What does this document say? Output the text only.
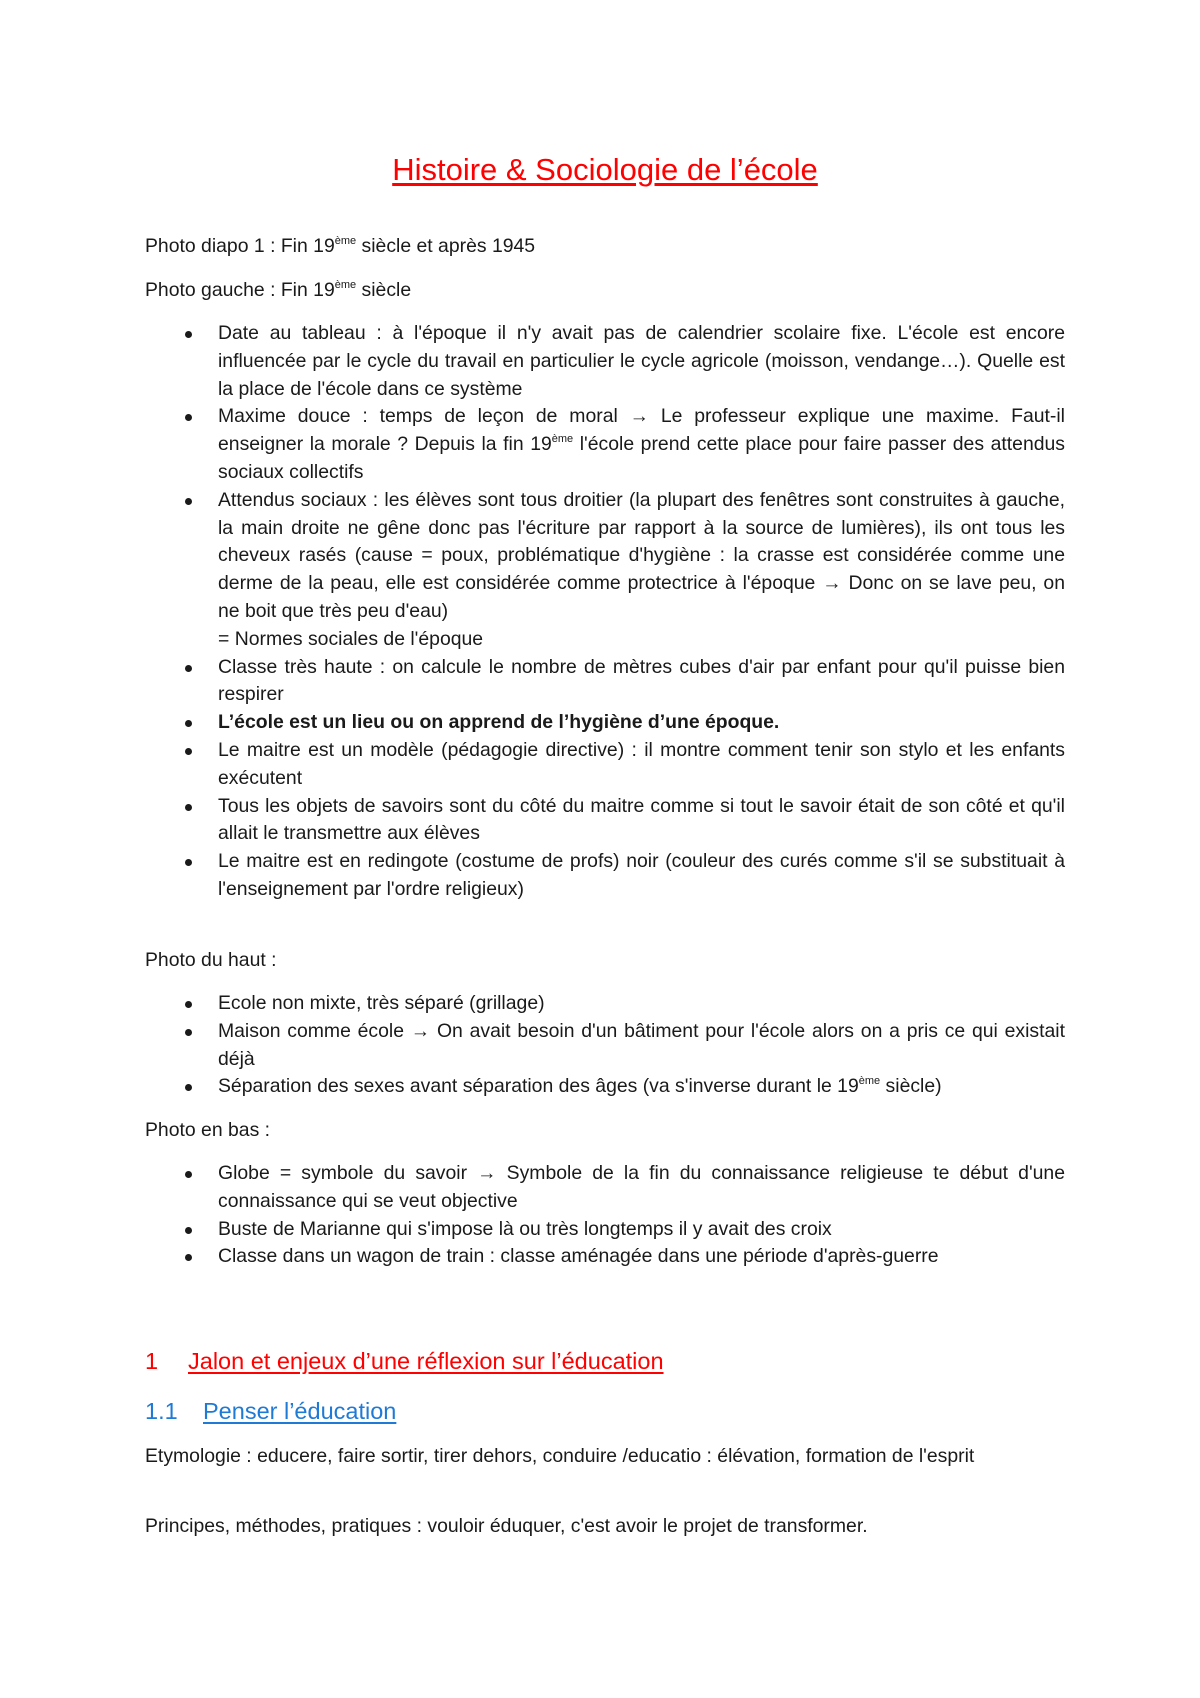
Histoire & Sociologie de l’école
Photo diapo 1 : Fin 19ème siècle et après 1945
Photo gauche : Fin 19ème siècle
Date au tableau : à l'époque il n'y avait pas de calendrier scolaire fixe. L'école est encore influencée par le cycle du travail en particulier le cycle agricole (moisson, vendange…). Quelle est la place de l'école dans ce système
Maxime douce : temps de leçon de moral → Le professeur explique une maxime. Faut-il enseigner la morale ? Depuis la fin 19ème l'école prend cette place pour faire passer des attendus sociaux collectifs
Attendus sociaux : les élèves sont tous droitier (la plupart des fenêtres sont construites à gauche, la main droite ne gêne donc pas l'écriture par rapport à la source de lumières), ils ont tous les cheveux rasés (cause = poux, problématique d'hygiène : la crasse est considérée comme une derme de la peau, elle est considérée comme protectrice à l'époque → Donc on se lave peu, on ne boit que très peu d'eau)
= Normes sociales de l'époque
Classe très haute : on calcule le nombre de mètres cubes d'air par enfant pour qu'il puisse bien respirer
L’école est un lieu ou on apprend de l’hygiène d’une époque.
Le maitre est un modèle (pédagogie directive) : il montre comment tenir son stylo et les enfants exécutent
Tous les objets de savoirs sont du côté du maitre comme si tout le savoir était de son côté et qu'il allait le transmettre aux élèves
Le maitre est en redingote (costume de profs) noir (couleur des curés comme s'il se substituait à l'enseignement par l'ordre religieux)
Photo du haut :
Ecole non mixte, très séparé (grillage)
Maison comme école → On avait besoin d'un bâtiment pour l'école alors on a pris ce qui existait déjà
Séparation des sexes avant séparation des âges (va s'inverse durant le 19ème siècle)
Photo en bas :
Globe = symbole du savoir → Symbole de la fin du connaissance religieuse te début d'une connaissance qui se veut objective
Buste de Marianne qui s'impose là ou très longtemps il y avait des croix
Classe dans un wagon de train : classe aménagée dans une période d'après-guerre
1 Jalon et enjeux d’une réflexion sur l’éducation
1.1 Penser l’éducation
Etymologie : educere, faire sortir, tirer dehors, conduire /educatio : élévation, formation de l'esprit
Principes, méthodes, pratiques : vouloir éduquer, c'est avoir le projet de transformer.
